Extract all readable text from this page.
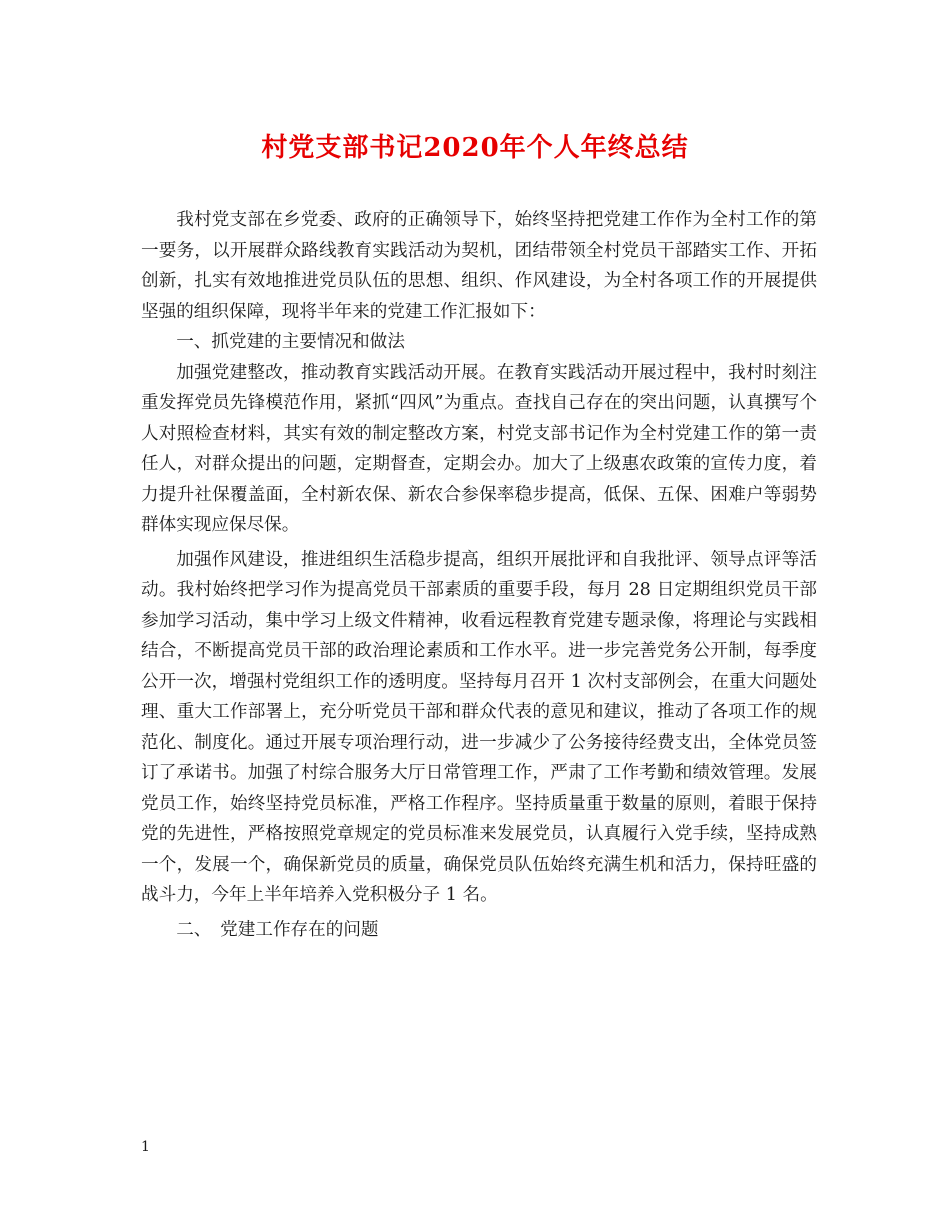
村党支部书记2020年个人年终总结

我村党支部在乡党委、政府的正确领导下，始终坚持把党建工作作为全村工作的第一要务，以开展群众路线教育实践活动为契机，团结带领全村党员干部踏实工作、开拓创新，扎实有效地推进党员队伍的思想、组织、作风建设，为全村各项工作的开展提供坚强的组织保障，现将半年来的党建工作汇报如下：

一、抓党建的主要情况和做法

加强党建整改，推动教育实践活动开展。在教育实践活动开展过程中，我村时刻注重发挥党员先锋模范作用，紧抓“四风”为重点。查找自己存在的突出问题，认真撰写个人对照检查材料，其实有效的制定整改方案，村党支部书记作为全村党建工作的第一责任人，对群众提出的问题，定期督查，定期会办。加大了上级惠农政策的宣传力度，着力提升社保覆盖面，全村新农保、新农合参保率稳步提高，低保、五保、困难户等弱势群体实现应保尽保。

加强作风建设，推进组织生活稳步提高，组织开展批评和自我批评、领导点评等活动。我村始终把学习作为提高党员干部素质的重要手段，每月 28 日定期组织党员干部参加学习活动，集中学习上级文件精神，收看远程教育党建专题录像，将理论与实践相结合，不断提高党员干部的政治理论素质和工作水平。进一步完善党务公开制，每季度公开一次，增强村党组织工作的透明度。坚持每月召开 1 次村支部例会，在重大问题处理、重大工作部署上，充分听党员干部和群众代表的意见和建议，推动了各项工作的规范化、制度化。通过开展专项治理行动，进一步减少了公务接待经费支出，全体党员签订了承诺书。加强了村综合服务大厅日常管理工作，严肃了工作考勤和绩效管理。发展党员工作，始终坚持党员标准，严格工作程序。坚持质量重于数量的原则，着眼于保持党的先进性，严格按照党章规定的党员标准来发展党员，认真履行入党手续，坚持成熟一个，发展一个，确保新党员的质量，确保党员队伍始终充满生机和活力，保持旺盛的战斗力，今年上半年培养入党积极分子 1 名。

二、　党建工作存在的问题

1
